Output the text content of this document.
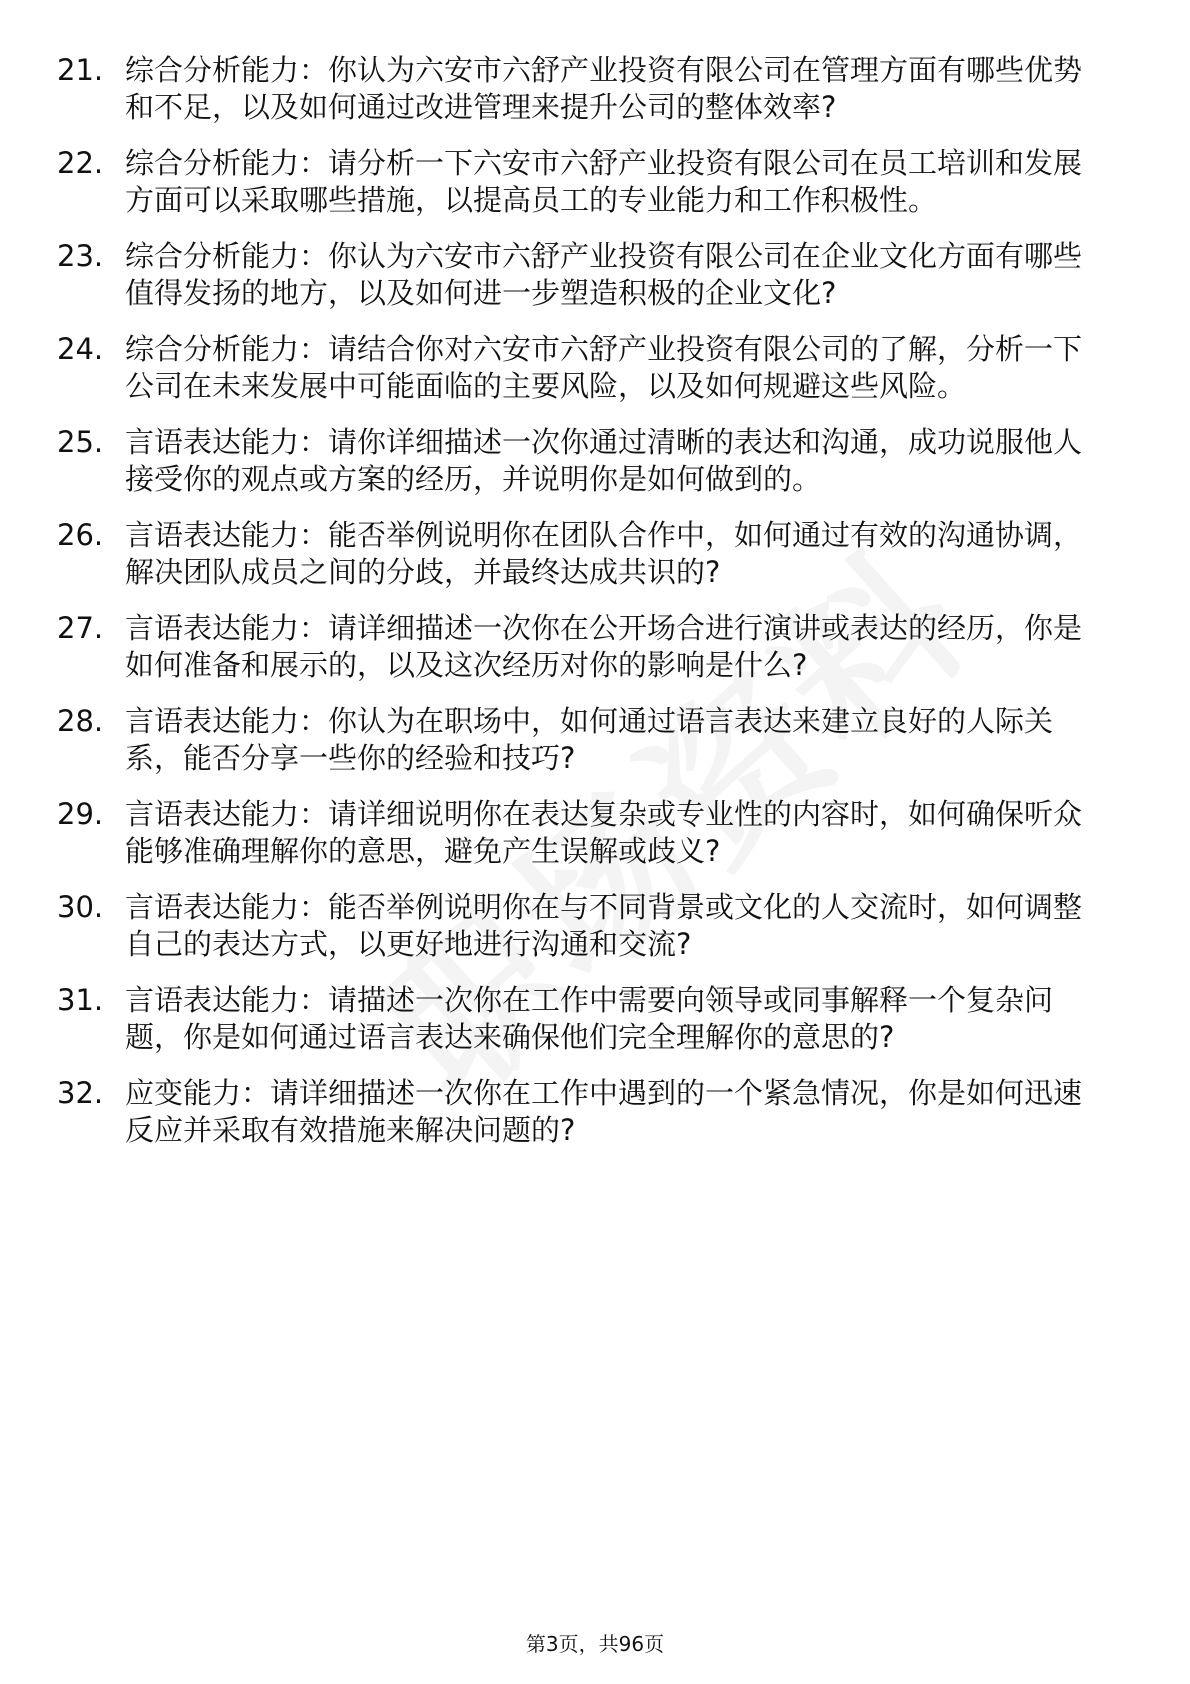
21. 综合分析能力：你认为六安市六舒产业投资有限公司在管理方面有哪些优势和不足，以及如何通过改进管理来提升公司的整体效率?
22. 综合分析能力：请分析一下六安市六舒产业投资有限公司在员工培训和发展方面可以采取哪些措施，以提高员工的专业能力和工作积极性。
23. 综合分析能力：你认为六安市六舒产业投资有限公司在企业文化方面有哪些值得发扬的地方，以及如何进一步塑造积极的企业文化?
24. 综合分析能力：请结合你对六安市六舒产业投资有限公司的了解，分析一下公司在未来发展中可能面临的主要风险，以及如何规避这些风险。
25. 言语表达能力：请你详细描述一次你通过清晰的表达和沟通，成功说服他人接受你的观点或方案的经历，并说明你是如何做到的。
26. 言语表达能力：能否举例说明你在团队合作中，如何通过有效的沟通协调，解决团队成员之间的分歧，并最终达成共识的?
27. 言语表达能力：请详细描述一次你在公开场合进行演讲或表达的经历，你是如何准备和展示的，以及这次经历对你的影响是什么?
28. 言语表达能力：你认为在职场中，如何通过语言表达来建立良好的人际关系，能否分享一些你的经验和技巧?
29. 言语表达能力：请详细说明你在表达复杂或专业性的内容时，如何确保听众能够准确理解你的意思，避免产生误解或歧义?
30. 言语表达能力：能否举例说明你在与不同背景或文化的人交流时，如何调整自己的表达方式，以更好地进行沟通和交流?
31. 言语表达能力：请描述一次你在工作中需要向领导或同事解释一个复杂问题，你是如何通过语言表达来确保他们完全理解你的意思的?
32. 应变能力：请详细描述一次你在工作中遇到的一个紧急情况，你是如何迅速反应并采取有效措施来解决问题的?
第3页，共96页
